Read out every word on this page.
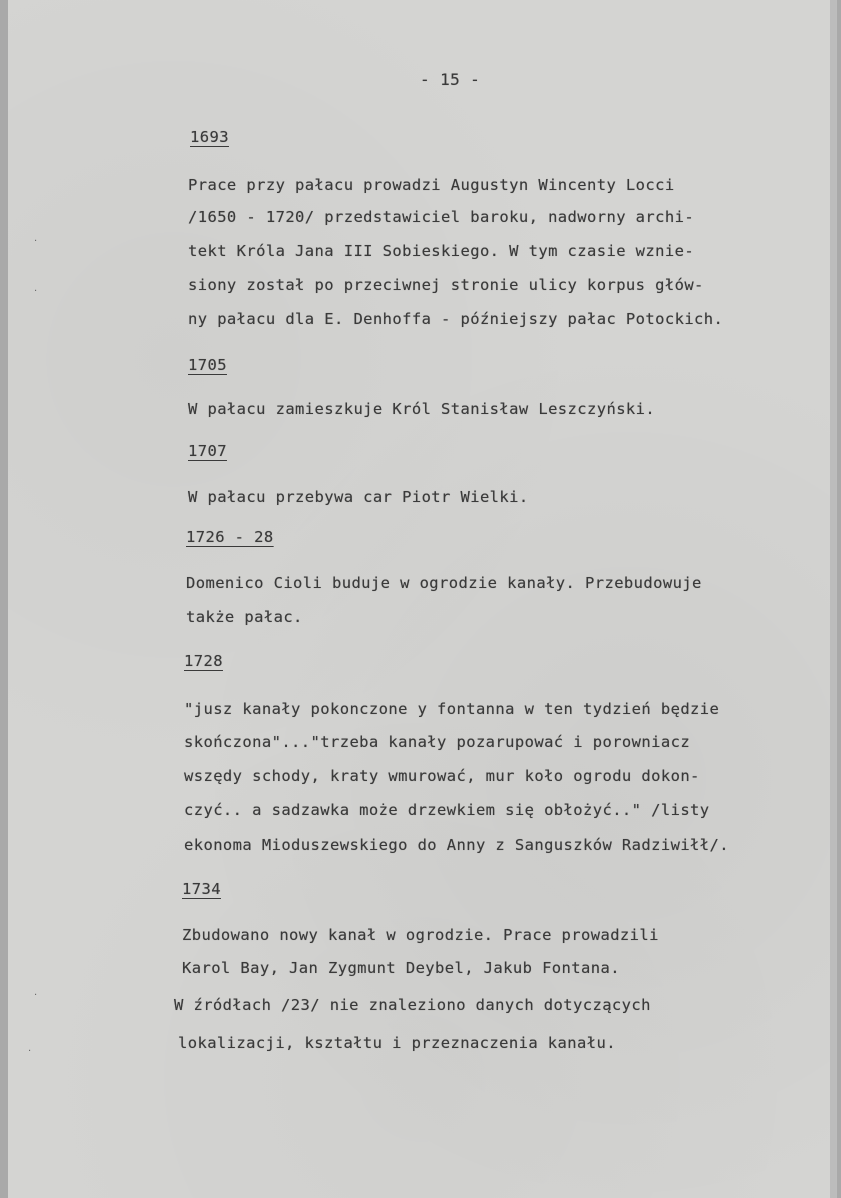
- 15 -
1693
Prace przy pałacu prowadzi Augustyn Wincenty Locci
/1650 - 1720/ przedstawiciel baroku, nadworny archi-
tekt Króla Jana III Sobieskiego. W tym czasie wznie-
siony został po przeciwnej stronie ulicy korpus głów-
ny pałacu dla E. Denhoffa - późniejszy pałac Potockich.
1705
W pałacu zamieszkuje Król Stanisław Leszczyński.
1707
W pałacu przebywa car Piotr Wielki.
1726 - 28
Domenico Cioli buduje w ogrodzie kanały. Przebudowuje
także pałac.
1728
"jusz kanały pokonczone y fontanna w ten tydzień będzie
skończona"..."trzeba kanały pozarupować i porowniacz
wszędy schody, kraty wmurować, mur koło ogrodu dokon-
czyć.. a sadzawka może drzewkiem się obłożyć.." /listy
ekonoma Mioduszewskiego do Anny z Sanguszków Radziwiłł/.
1734
Zbudowano nowy kanał w ogrodzie. Prace prowadzili
Karol Bay, Jan Zygmunt Deybel, Jakub Fontana.
W źródłach /23/ nie znaleziono danych dotyczących
lokalizacji, kształtu i przeznaczenia kanału.
·
·
·
·
